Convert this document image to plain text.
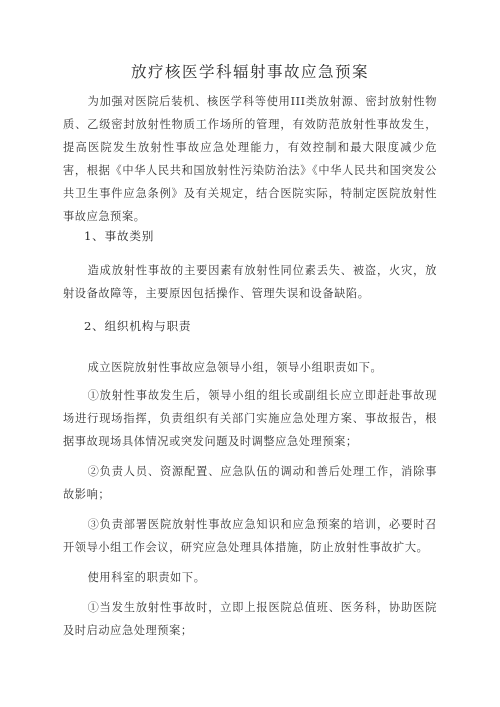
放疗核医学科辐射事故应急预案

为加强对医院后装机、核医学科等使用III类放射源、密封放射性物质、乙级密封放射性物质工作场所的管理，有效防范放射性事故发生，提高医院发生放射性事故应急处理能力，有效控制和最大限度减少危害，根据《中华人民共和国放射性污染防治法》《中华人民共和国突发公共卫生事件应急条例》及有关规定，结合医院实际，特制定医院放射性事故应急预案。

1、事故类别

造成放射性事故的主要因素有放射性同位素丢失、被盗，火灾，放射设备故障等，主要原因包括操作、管理失误和设备缺陷。

2、组织机构与职责

成立医院放射性事故应急领导小组，领导小组职责如下。

①放射性事故发生后，领导小组的组长或副组长应立即赶赴事故现场进行现场指挥，负责组织有关部门实施应急处理方案、事故报告，根据事故现场具体情况或突发问题及时调整应急处理预案；

②负责人员、资源配置、应急队伍的调动和善后处理工作，消除事故影响；

③负责部署医院放射性事故应急知识和应急预案的培训，必要时召开领导小组工作会议，研究应急处理具体措施，防止放射性事故扩大。

使用科室的职责如下。

①当发生放射性事故时，立即上报医院总值班、医务科，协助医院及时启动应急处理预案；
